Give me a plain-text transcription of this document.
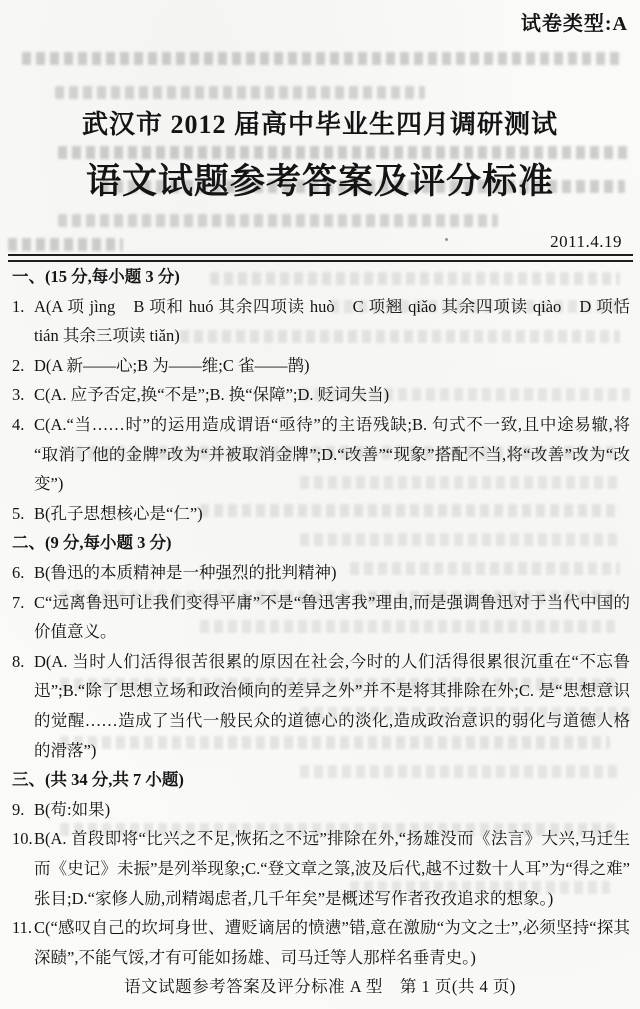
试卷类型:A
武汉市 2012 届高中毕业生四月调研测试
语文试题参考答案及评分标准
2011.4.19

一、(15 分,每小题 3 分)

1. A(A 项 jìng　B 项和 huó 其余四项读 huò　C 项翘 qiǎo 其余四项读 qiào　D 项恬 tián 其余三项读 tiǎn)

2. D(A 新——心;B 为——维;C 雀——鹊)

3. C(A. 应予否定,换“不是”;B. 换“保障”;D. 贬词失当)

4. C(A.“当……时”的运用造成谓语“亟待”的主语残缺;B. 句式不一致,且中途易辙,将“取消了他的金牌”改为“并被取消金牌”;D.“改善”“现象”搭配不当,将“改善”改为“改变”)

5. B(孔子思想核心是“仁”)

二、(9 分,每小题 3 分)

6. B(鲁迅的本质精神是一种强烈的批判精神)

7. C“远离鲁迅可让我们变得平庸”不是“鲁迅害我”理由,而是强调鲁迅对于当代中国的价值意义。

8. D(A. 当时人们活得很苦很累的原因在社会,今时的人们活得很累很沉重在“不忘鲁迅”;B.“除了思想立场和政治倾向的差异之外”并不是将其排除在外;C. 是“思想意识的觉醒……造成了当代一般民众的道德心的淡化,造成政治意识的弱化与道德人格的滑落”)

三、(共 34 分,共 7 小题)

9. B(苟:如果)

10. B(A. 首段即将“比兴之不足,恢拓之不远”排除在外,“扬雄没而《法言》大兴,马迁生而《史记》未振”是列举现象;C.“登文章之箓,波及后代,越不过数十人耳”为“得之难”张目;D.“家修人励,刓精竭虑者,几千年矣”是概述写作者孜孜追求的想象。)

11. C(“感叹自己的坎坷身世、遭贬谪居的愤懑”错,意在激励“为文之士”,必须坚持“探其深赜”,不能气馁,才有可能如扬雄、司马迁等人那样名垂青史。)

语文试题参考答案及评分标准 A 型　第 1 页(共 4 页)
